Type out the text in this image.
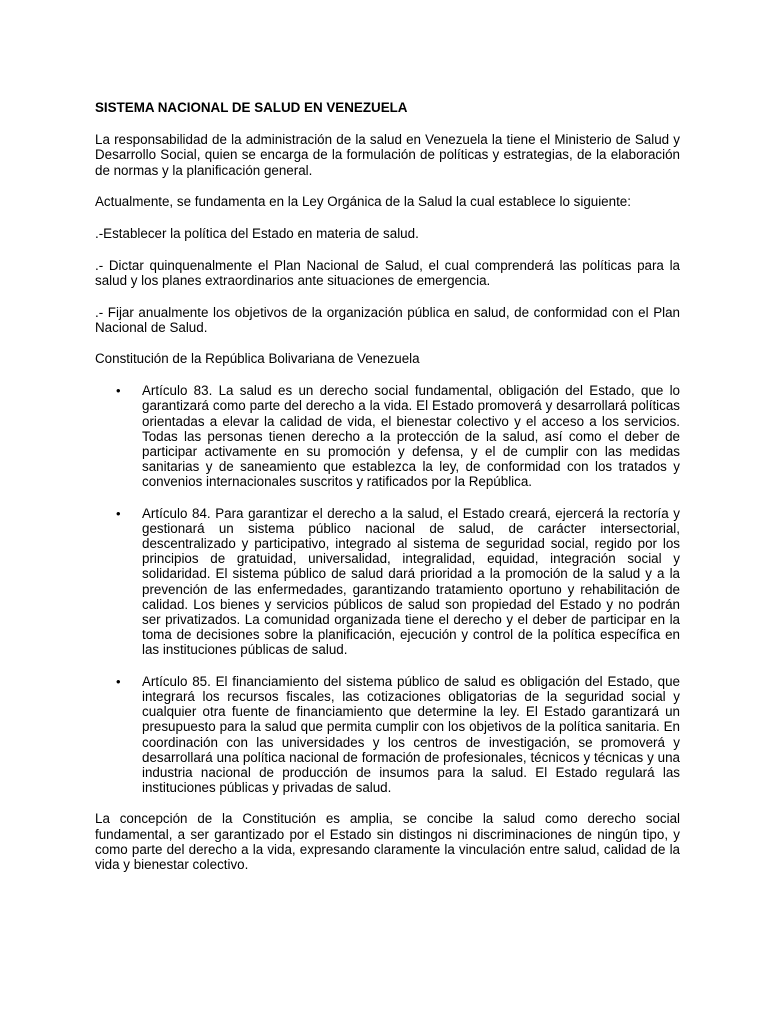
SISTEMA NACIONAL DE SALUD EN VENEZUELA

La responsabilidad de la administración de la salud en Venezuela la tiene el Ministerio de Salud y Desarrollo Social, quien se encarga de la formulación de políticas y estrategias, de la elaboración de normas y la planificación general.

Actualmente, se fundamenta en la Ley Orgánica de la Salud la cual establece lo siguiente:

.-Establecer la política del Estado en materia de salud.

.- Dictar quinquenalmente el Plan Nacional de Salud, el cual comprenderá las políticas para la salud y los planes extraordinarios ante situaciones de emergencia.

.- Fijar anualmente los objetivos de la organización pública en salud, de conformidad con el Plan Nacional de Salud.

Constitución de la República Bolivariana de Venezuela

• Artículo 83. La salud es un derecho social fundamental, obligación del Estado, que lo garantizará como parte del derecho a la vida. El Estado promoverá y desarrollará políticas orientadas a elevar la calidad de vida, el bienestar colectivo y el acceso a los servicios. Todas las personas tienen derecho a la protección de la salud, así como el deber de participar activamente en su promoción y defensa, y el de cumplir con las medidas sanitarias y de saneamiento que establezca la ley, de conformidad con los tratados y convenios internacionales suscritos y ratificados por la República.
• Artículo 84. Para garantizar el derecho a la salud, el Estado creará, ejercerá la rectoría y gestionará un sistema público nacional de salud, de carácter intersectorial, descentralizado y participativo, integrado al sistema de seguridad social, regido por los principios de gratuidad, universalidad, integralidad, equidad, integración social y solidaridad. El sistema público de salud dará prioridad a la promoción de la salud y a la prevención de las enfermedades, garantizando tratamiento oportuno y rehabilitación de calidad. Los bienes y servicios públicos de salud son propiedad del Estado y no podrán ser privatizados. La comunidad organizada tiene el derecho y el deber de participar en la toma de decisiones sobre la planificación, ejecución y control de la política específica en las instituciones públicas de salud.
• Artículo 85. El financiamiento del sistema público de salud es obligación del Estado, que integrará los recursos fiscales, las cotizaciones obligatorias de la seguridad social y cualquier otra fuente de financiamiento que determine la ley. El Estado garantizará un presupuesto para la salud que permita cumplir con los objetivos de la política sanitaria. En coordinación con las universidades y los centros de investigación, se promoverá y desarrollará una política nacional de formación de profesionales, técnicos y técnicas y una industria nacional de producción de insumos para la salud. El Estado regulará las instituciones públicas y privadas de salud.

La concepción de la Constitución es amplia, se concibe la salud como derecho social fundamental, a ser garantizado por el Estado sin distingos ni discriminaciones de ningún tipo, y como parte del derecho a la vida, expresando claramente la vinculación entre salud, calidad de la vida y bienestar colectivo.
